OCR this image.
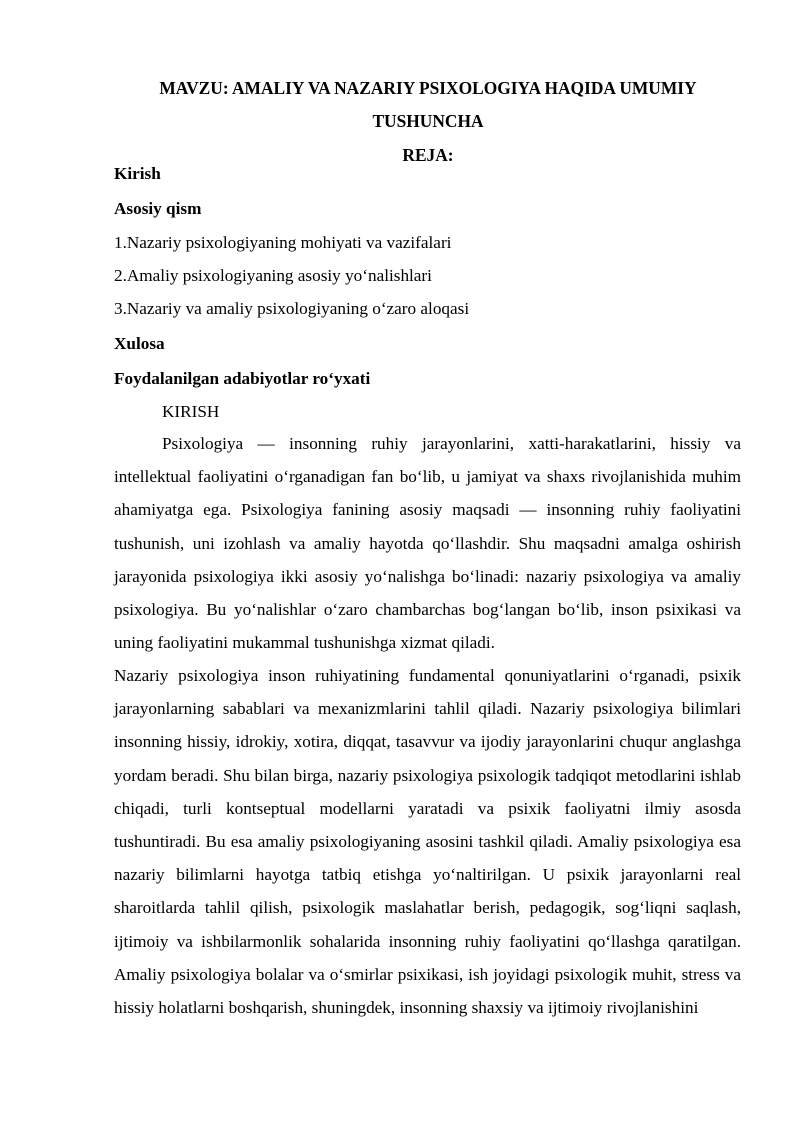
MAVZU: AMALIY VA NAZARIY PSIXOLOGIYA HAQIDA UMUMIY

TUSHUNCHA

REJA:

Kirish

Asosiy qism

1.Nazariy psixologiyaning mohiyati va vazifalari

2.Amaliy psixologiyaning asosiy yo‘nalishlari

3.Nazariy va amaliy psixologiyaning o‘zaro aloqasi

Xulosa

Foydalanilgan adabiyotlar ro‘yxati

KIRISH

Psixologiya — insonning ruhiy jarayonlarini, xatti-harakatlarini, hissiy va intellektual faoliyatini o‘rganadigan fan bo‘lib, u jamiyat va shaxs rivojlanishida muhim ahamiyatga ega. Psixologiya fanining asosiy maqsadi — insonning ruhiy faoliyatini tushunish, uni izohlash va amaliy hayotda qo‘llashdir. Shu maqsadni amalga oshirish jarayonida psixologiya ikki asosiy yo‘nalishga bo‘linadi: nazariy psixologiya va amaliy psixologiya. Bu yo‘nalishlar o‘zaro chambarchas bog‘langan bo‘lib, inson psixikasi va uning faoliyatini mukammal tushunishga xizmat qiladi.

Nazariy psixologiya inson ruhiyatining fundamental qonuniyatlarini o‘rganadi, psixik jarayonlarning sabablari va mexanizmlarini tahlil qiladi. Nazariy psixologiya bilimlari insonning hissiy, idrokiy, xotira, diqqat, tasavvur va ijodiy jarayonlarini chuqur anglashga yordam beradi. Shu bilan birga, nazariy psixologiya psixologik tadqiqot metodlarini ishlab chiqadi, turli kontseptual modellarni yaratadi va psixik faoliyatni ilmiy asosda tushuntiradi. Bu esa amaliy psixologiyaning asosini tashkil qiladi. Amaliy psixologiya esa nazariy bilimlarni hayotga tatbiq etishga yo‘naltirilgan. U psixik jarayonlarni real sharoitlarda tahlil qilish, psixologik maslahatlar berish, pedagogik, sog‘liqni saqlash, ijtimoiy va ishbilarmonlik sohalarida insonning ruhiy faoliyatini qo‘llashga qaratilgan. Amaliy psixologiya bolalar va o‘smirlar psixikasi, ish joyidagi psixologik muhit, stress va hissiy holatlarni boshqarish, shuningdek, insonning shaxsiy va ijtimoiy rivojlanishini
